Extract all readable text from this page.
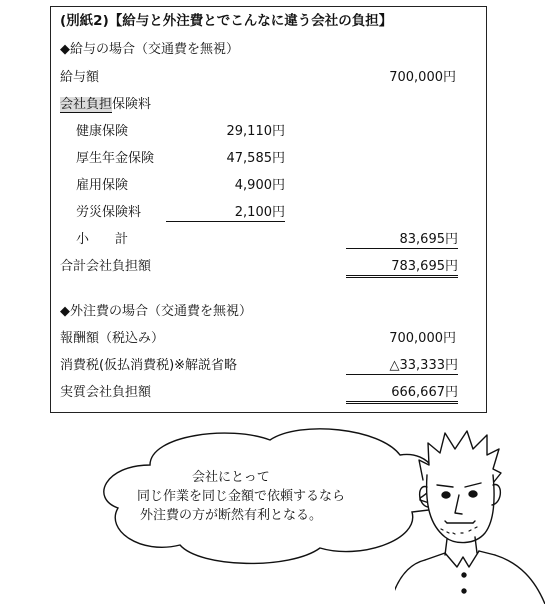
(別紙2)【給与と外注費とでこんなに違う会社の負担】
◆給与の場合（交通費を無視）
給与額	700,000円
会社負担保険料
健康保険	29,110円
厚生年金保険	47,585円
雇用保険	4,900円
労災保険料	2,100円
小　　計	83,695円
合計会社負担額	783,695円
◆外注費の場合（交通費を無視）
報酬額（税込み）	700,000円
消費税(仮払消費税)※解説省略	△33,333円
実質会社負担額	666,667円
会社にとって
同じ作業を同じ金額で依頼するなら
外注費の方が断然有利となる。
